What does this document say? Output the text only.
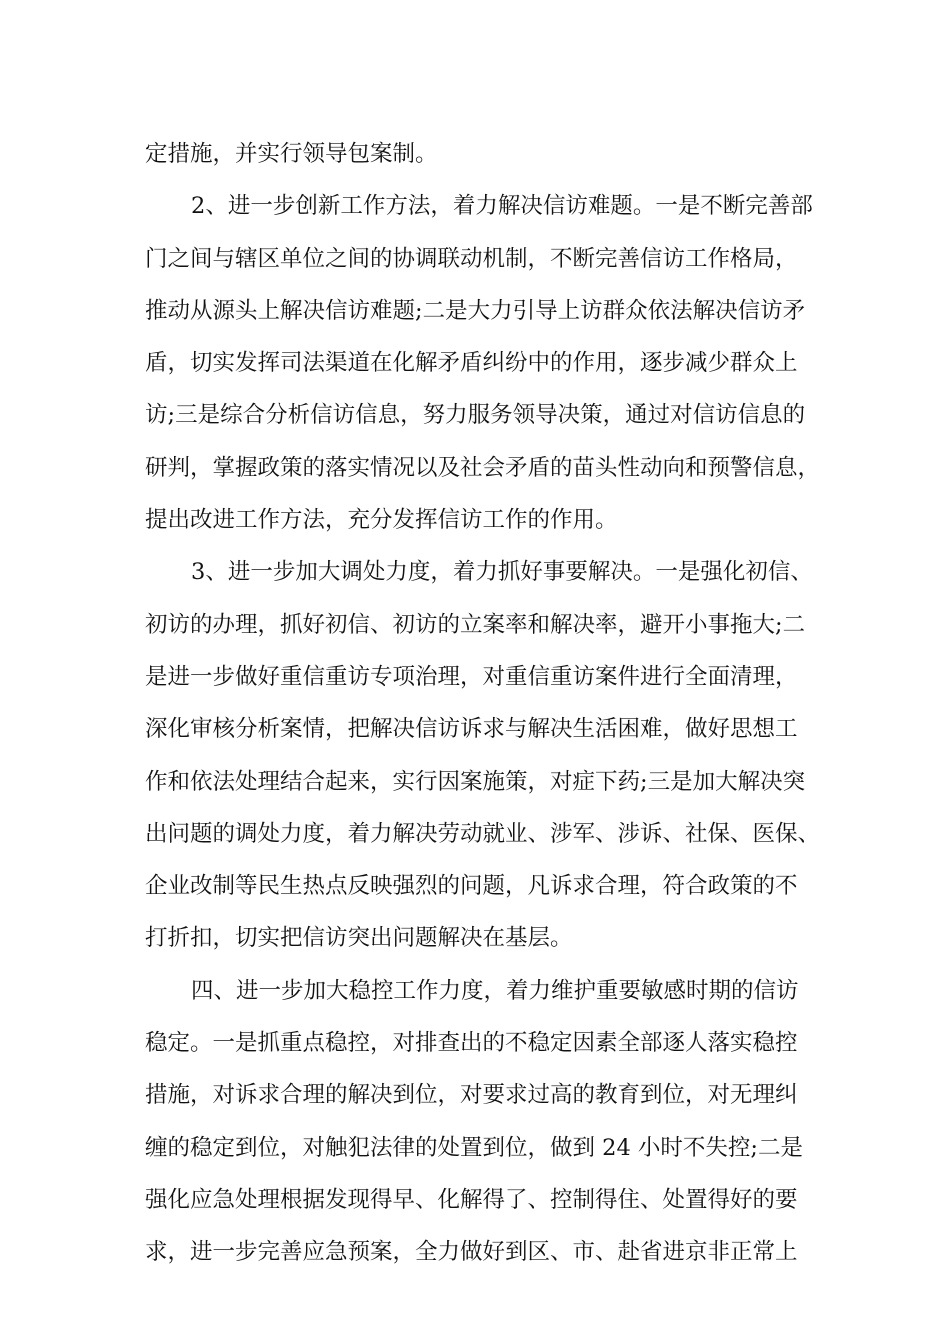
定措施，并实行领导包案制。
2、进一步创新工作方法，着力解决信访难题。一是不断完善部
门之间与辖区单位之间的协调联动机制，不断完善信访工作格局，
推动从源头上解决信访难题;二是大力引导上访群众依法解决信访矛
盾，切实发挥司法渠道在化解矛盾纠纷中的作用，逐步减少群众上
访;三是综合分析信访信息，努力服务领导决策，通过对信访信息的
研判，掌握政策的落实情况以及社会矛盾的苗头性动向和预警信息，
提出改进工作方法，充分发挥信访工作的作用。
3、进一步加大调处力度，着力抓好事要解决。一是强化初信、
初访的办理，抓好初信、初访的立案率和解决率，避开小事拖大;二
是进一步做好重信重访专项治理，对重信重访案件进行全面清理，
深化审核分析案情，把解决信访诉求与解决生活困难，做好思想工
作和依法处理结合起来，实行因案施策，对症下药;三是加大解决突
出问题的调处力度，着力解决劳动就业、涉军、涉诉、社保、医保、
企业改制等民生热点反映强烈的问题，凡诉求合理，符合政策的不
打折扣，切实把信访突出问题解决在基层。
四、进一步加大稳控工作力度，着力维护重要敏感时期的信访
稳定。一是抓重点稳控，对排查出的不稳定因素全部逐人落实稳控
措施，对诉求合理的解决到位，对要求过高的教育到位，对无理纠
缠的稳定到位，对触犯法律的处置到位，做到 24 小时不失控;二是
强化应急处理根据发现得早、化解得了、控制得住、处置得好的要
求，进一步完善应急预案，全力做好到区、市、赴省进京非正常上
